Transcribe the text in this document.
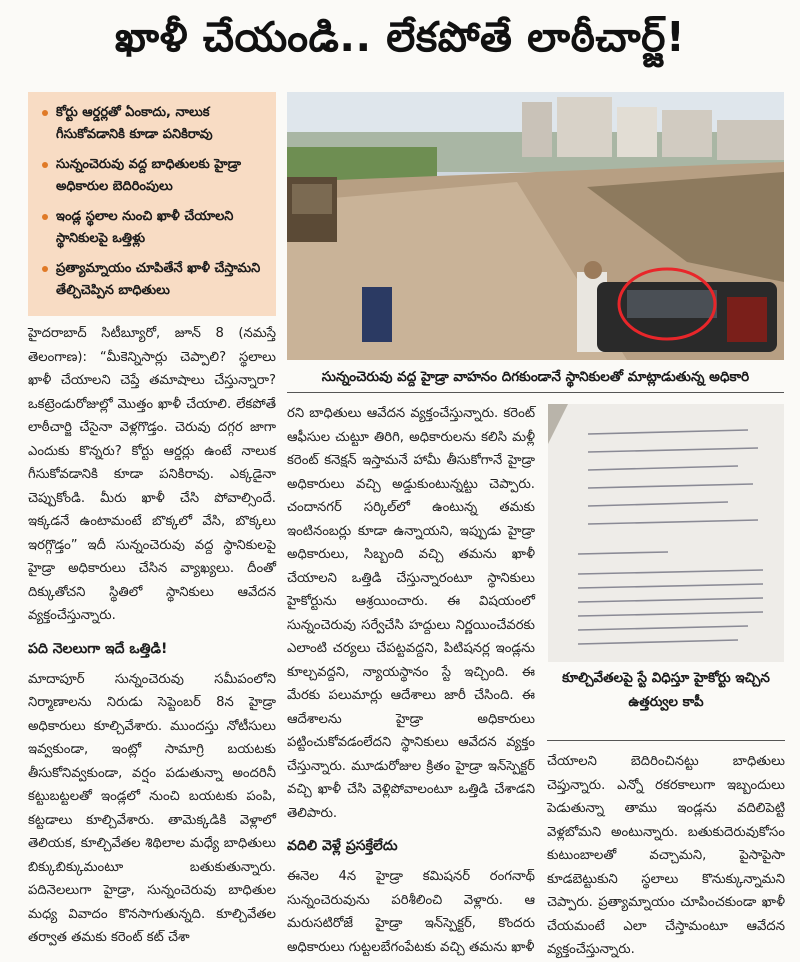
ఖాళీ చేయండి.. లేకపోతే లాఠీచార్జ్!
కోర్టు ఆర్డర్లతో ఏంకాదు, నాలుక గీసుకోవడానికి కూడా పనికిరావు
సున్నంచెరువు వద్ద బాధితులకు హైడ్రా అధికారుల బెదిరింపులు
ఇండ్ల స్థలాల నుంచి ఖాళీ చేయాలని స్థానికులపై ఒత్తిళ్లు
ప్రత్యామ్నాయం చూపితేనే ఖాళీ చేస్తామని తేల్చిచెప్పిన బాధితులు
సున్నంచెరువు వద్ద హైడ్రా వాహనం దిగకుండానే స్థానికులతో మాట్లాడుతున్న అధికారి

హైదరాబాద్ సిటీబ్యూరో, జూన్ 8 (నమస్తే తెలంగాణ): “మీకెన్నిసార్లు చెప్పాలి? స్థలాలు ఖాళీ చేయాలని చెప్తే తమాషాలు చేస్తున్నారా? ఒకట్రెండురోజుల్లో మొత్తం ఖాళీ చేయాలి. లేకపోతే లాఠీచార్జి చేసైనా వెళ్లగొడ్తం. చెరువు దగ్గర జాగా ఎందుకు కొన్నరు? కోర్టు ఆర్డర్లు ఉంటే నాలుక గీసుకోవడానికి కూడా పనికిరావు. ఎక్కడైనా చెప్పుకోండి. మీరు ఖాళీ చేసి పోవాల్సిందే. ఇక్కడనే ఉంటామంటే బొక్కలో వేసి, బొక్కలు ఇరగ్గొడ్తం” ఇదీ సున్నంచెరువు వద్ద స్థానికులపై హైడ్రా అధికారులు చేసిన వ్యాఖ్యలు. దీంతో దిక్కుతోచని స్థితిలో స్థానికులు ఆవేదన వ్యక్తంచేస్తున్నారు.

పది నెలలుగా ఇదే ఒత్తిడి!

మాదాపూర్ సున్నంచెరువు సమీపంలోని నిర్మాణాలను నిరుడు సెప్టెంబర్ 8న హైడ్రా అధికారులు కూల్చివేశారు. ముందస్తు నోటీసులు ఇవ్వకుండా, ఇంట్లో సామాగ్రి బయటకు తీసుకోనివ్వకుండా, వర్షం పడుతున్నా అందరినీ కట్టుబట్టలతో ఇండ్లలో నుంచి బయటకు పంపి, కట్టడాలు కూల్చివేశారు. తామెక్కడికి వెళ్లాలో తెలియక, కూల్చివేతల శిథిలాల మధ్యే బాధితులు బిక్కుబిక్కుమంటూ బతుకుతున్నారు. పదినెలలుగా హైడ్రా, సున్నంచెరువు బాధితుల మధ్య వివాదం కొనసాగుతున్నది. కూల్చివేతల తర్వాత తమకు కరెంట్ కట్ చేశా

రని బాధితులు ఆవేదన వ్యక్తంచేస్తున్నారు. కరెంట్ ఆఫీసుల చుట్టూ తిరిగి, అధికారులను కలిసి మళ్లీ కరెంట్ కనెక్షన్ ఇస్తామనే హామీ తీసుకోగానే హైడ్రా అధికారులు వచ్చి అడ్డుకుంటున్నట్టు చెప్పారు. చందానగర్ సర్కిల్‌లో ఉంటున్న తమకు ఇంటినంబర్లు కూడా ఉన్నాయని, ఇప్పుడు హైడ్రా అధికారులు, సిబ్బంది వచ్చి తమను ఖాళీ చేయాలని ఒత్తిడి చేస్తున్నారంటూ స్థానికులు హైకోర్టును ఆశ్రయించారు. ఈ విషయంలో సున్నంచెరువు సర్వేచేసి హద్దులు నిర్ణయించేవరకు ఎలాంటి చర్యలు చేపట్టవద్దని, పిటిషనర్ల ఇండ్లను కూల్చవద్దని, న్యాయస్థానం స్టే ఇచ్చింది. ఈ మేరకు పలుమార్లు ఆదేశాలు జారీ చేసింది. ఈ ఆదేశాలను హైడ్రా అధికారులు పట్టించుకోవడంలేదని స్థానికులు ఆవేదన వ్యక్తం చేస్తున్నారు. మూడురోజుల క్రితం హైడ్రా ఇన్‌స్పెక్టర్ వచ్చి ఖాళీ చేసి వెళ్లిపోవాలంటూ ఒత్తిడి చేశాడని తెలిపారు.

వదిలి వెళ్లే ప్రసక్తేలేదు

ఈనెల 4న హైడ్రా కమిషనర్ రంగనాథ్ సున్నంచెరువును పరిశీలించి వెళ్లారు. ఆ మరుసటిరోజే హైడ్రా ఇన్‌స్పెక్టర్, కొందరు అధికారులు గుట్టలబేగంపేటకు వచ్చి తమను ఖాళీ

కూల్చివేతలపై స్టే విధిస్తూ హైకోర్టు ఇచ్చిన ఉత్తర్వుల కాపీ

చేయాలని బెదిరించినట్టు బాధితులు చెప్తున్నారు. ఎన్నో రకరకాలుగా ఇబ్బందులు పెడుతున్నా తాము ఇండ్లను వదిలిపెట్టి వెళ్లబోమని అంటున్నారు. బతుకుదెరువుకోసం కుటుంబాలతో వచ్చామని, పైసాపైసా కూడబెట్టుకుని స్థలాలు కొనుక్కున్నామని చెప్పారు. ప్రత్యామ్నాయం చూపించకుండా ఖాళీ చేయమంటే ఎలా చేస్తామంటూ ఆవేదన వ్యక్తంచేస్తున్నారు.
